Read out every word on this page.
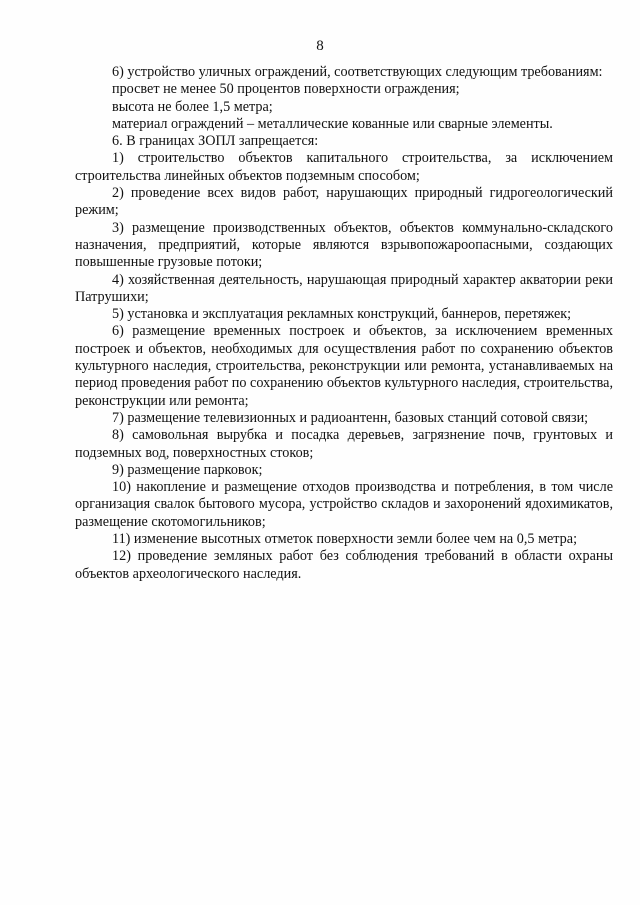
8

6) устройство уличных ограждений, соответствующих следующим требованиям:

просвет не менее 50 процентов поверхности ограждения;

высота не более 1,5 метра;

материал ограждений – металлические кованные или сварные элементы.

6. В границах ЗОПЛ запрещается:

1) строительство объектов капитального строительства, за исключением строительства линейных объектов подземным способом;

2) проведение всех видов работ, нарушающих природный гидрогеологический режим;

3) размещение производственных объектов, объектов коммунально-складского назначения, предприятий, которые являются взрывопожароопасными, создающих повышенные грузовые потоки;

4) хозяйственная деятельность, нарушающая природный характер акватории реки Патрушихи;

5) установка и эксплуатация рекламных конструкций, баннеров, перетяжек;

6) размещение временных построек и объектов, за исключением временных построек и объектов, необходимых для осуществления работ по сохранению объектов культурного наследия, строительства, реконструкции или ремонта, устанавливаемых на период проведения работ по сохранению объектов культурного наследия, строительства, реконструкции или ремонта;

7) размещение телевизионных и радиоантенн, базовых станций сотовой связи;

8) самовольная вырубка и посадка деревьев, загрязнение почв, грунтовых и подземных вод, поверхностных стоков;

9) размещение парковок;

10) накопление и размещение отходов производства и потребления, в том числе организация свалок бытового мусора, устройство складов и захоронений ядохимикатов, размещение скотомогильников;

11) изменение высотных отметок поверхности земли более чем на 0,5 метра;

12) проведение земляных работ без соблюдения требований в области охраны объектов археологического наследия.
